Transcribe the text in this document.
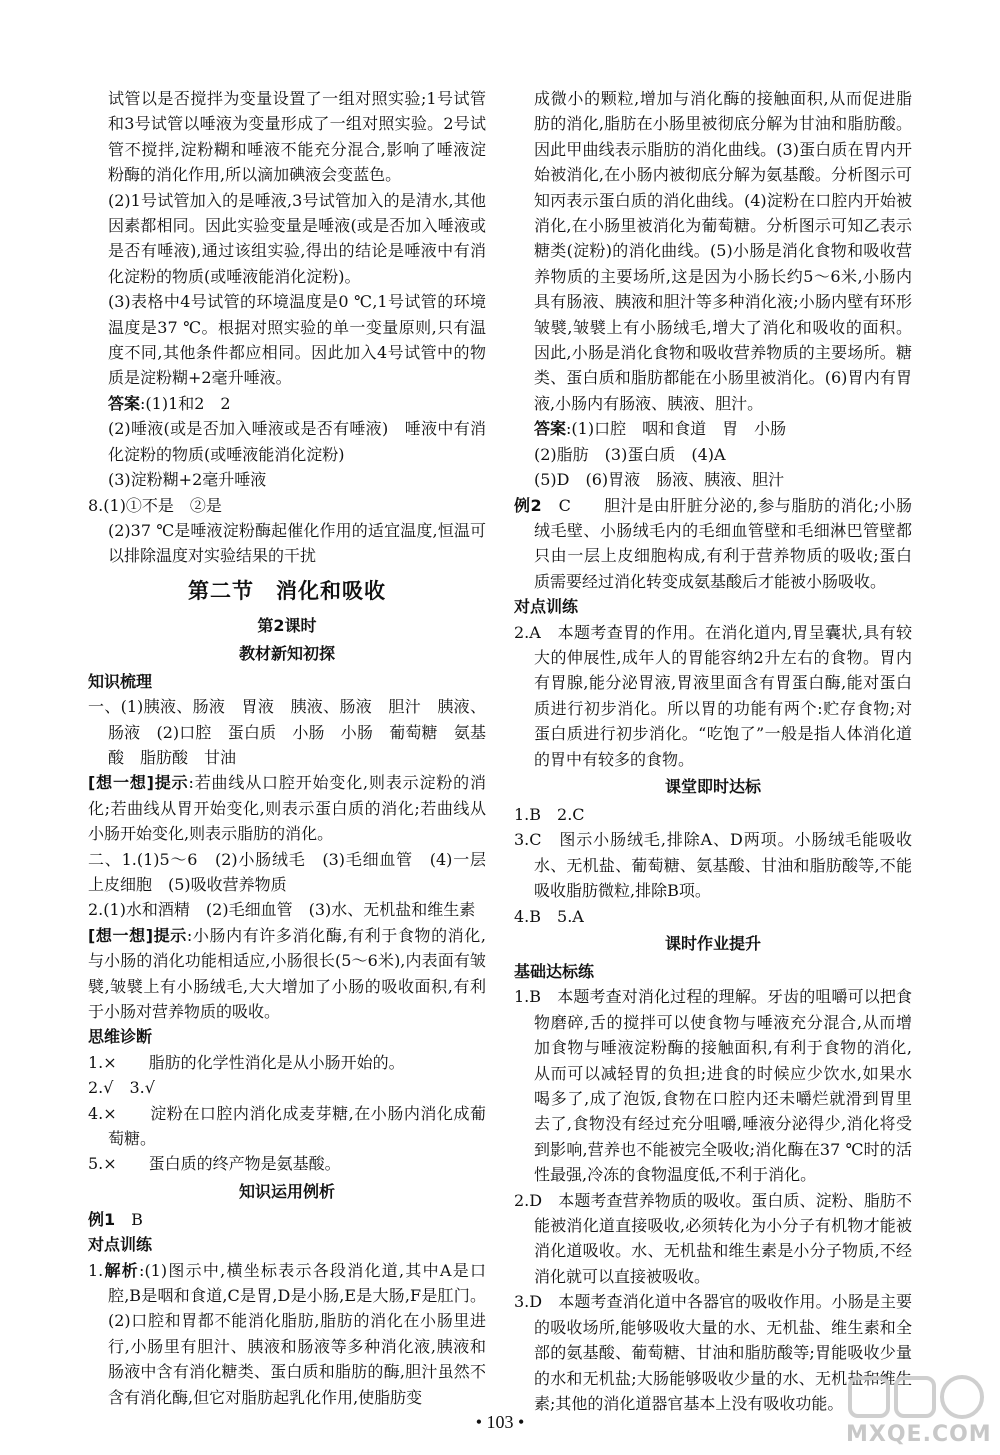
试管以是否搅拌为变量设置了一组对照实验;1号试管和3号试管以唾液为变量形成了一组对照实验。2号试管不搅拌,淀粉糊和唾液不能充分混合,影响了唾液淀粉酶的消化作用,所以滴加碘液会变蓝色。
(2)1号试管加入的是唾液,3号试管加入的是清水,其他因素都相同。因此实验变量是唾液(或是否加入唾液或是否有唾液),通过该组实验,得出的结论是唾液中有消化淀粉的物质(或唾液能消化淀粉)。
(3)表格中4号试管的环境温度是0 ℃,1号试管的环境温度是37 ℃。根据对照实验的单一变量原则,只有温度不同,其他条件都应相同。因此加入4号试管中的物质是淀粉糊+2毫升唾液。
答案:(1)1和2　2
(2)唾液(或是否加入唾液或是否有唾液)　唾液中有消化淀粉的物质(或唾液能消化淀粉)
(3)淀粉糊+2毫升唾液
8.(1)①不是　②是
(2)37 ℃是唾液淀粉酶起催化作用的适宜温度,恒温可以排除温度对实验结果的干扰
第二节　消化和吸收
第2课时
教材新知初探
知识梳理
一、(1)胰液、肠液　胃液　胰液、肠液　胆汁　胰液、肠液　(2)口腔　蛋白质　小肠　小肠　葡萄糖　氨基酸　脂肪酸　甘油
[想一想]提示:若曲线从口腔开始变化,则表示淀粉的消化;若曲线从胃开始变化,则表示蛋白质的消化;若曲线从小肠开始变化,则表示脂肪的消化。
二、1.(1)5～6　(2)小肠绒毛　(3)毛细血管　(4)一层上皮细胞　(5)吸收营养物质
2.(1)水和酒精　(2)毛细血管　(3)水、无机盐和维生素
[想一想]提示:小肠内有许多消化酶,有利于食物的消化,与小肠的消化功能相适应,小肠很长(5～6米),内表面有皱襞,皱襞上有小肠绒毛,大大增加了小肠的吸收面积,有利于小肠对营养物质的吸收。
思维诊断
1.×　　脂肪的化学性消化是从小肠开始的。
2.√　3.√
4.×　　淀粉在口腔内消化成麦芽糖,在小肠内消化成葡萄糖。
5.×　　蛋白质的终产物是氨基酸。
知识运用例析
例1　B
对点训练
1.解析:(1)图示中,横坐标表示各段消化道,其中A是口腔,B是咽和食道,C是胃,D是小肠,E是大肠,F是肛门。(2)口腔和胃都不能消化脂肪,脂肪的消化在小肠里进行,小肠里有胆汁、胰液和肠液等多种消化液,胰液和肠液中含有消化糖类、蛋白质和脂肪的酶,胆汁虽然不含有消化酶,但它对脂肪起乳化作用,使脂肪变
成微小的颗粒,增加与消化酶的接触面积,从而促进脂肪的消化,脂肪在小肠里被彻底分解为甘油和脂肪酸。因此甲曲线表示脂肪的消化曲线。(3)蛋白质在胃内开始被消化,在小肠内被彻底分解为氨基酸。分析图示可知丙表示蛋白质的消化曲线。(4)淀粉在口腔内开始被消化,在小肠里被消化为葡萄糖。分析图示可知乙表示糖类(淀粉)的消化曲线。(5)小肠是消化食物和吸收营养物质的主要场所,这是因为小肠长约5～6米,小肠内具有肠液、胰液和胆汁等多种消化液;小肠内壁有环形皱襞,皱襞上有小肠绒毛,增大了消化和吸收的面积。因此,小肠是消化食物和吸收营养物质的主要场所。糖类、蛋白质和脂肪都能在小肠里被消化。(6)胃内有胃液,小肠内有肠液、胰液、胆汁。
答案:(1)口腔　咽和食道　胃　小肠
(2)脂肪　(3)蛋白质　(4)A
(5)D　(6)胃液　肠液、胰液、胆汁
例2　C　　胆汁是由肝脏分泌的,参与脂肪的消化;小肠绒毛壁、小肠绒毛内的毛细血管壁和毛细淋巴管壁都只由一层上皮细胞构成,有利于营养物质的吸收;蛋白质需要经过消化转变成氨基酸后才能被小肠吸收。
对点训练
2.A　本题考查胃的作用。在消化道内,胃呈囊状,具有较大的伸展性,成年人的胃能容纳2升左右的食物。胃内有胃腺,能分泌胃液,胃液里面含有胃蛋白酶,能对蛋白质进行初步消化。所以胃的功能有两个:贮存食物;对蛋白质进行初步消化。“吃饱了”一般是指人体消化道的胃中有较多的食物。
课堂即时达标
1.B　2.C
3.C　图示小肠绒毛,排除A、D两项。小肠绒毛能吸收水、无机盐、葡萄糖、氨基酸、甘油和脂肪酸等,不能吸收脂肪微粒,排除B项。
4.B　5.A
课时作业提升
基础达标练
1.B　本题考查对消化过程的理解。牙齿的咀嚼可以把食物磨碎,舌的搅拌可以使食物与唾液充分混合,从而增加食物与唾液淀粉酶的接触面积,有利于食物的消化,从而可以减轻胃的负担;进食的时候应少饮水,如果水喝多了,成了泡饭,食物在口腔内还未嚼烂就滑到胃里去了,食物没有经过充分咀嚼,唾液分泌得少,消化将受到影响,营养也不能被完全吸收;消化酶在37 ℃时的活性最强,冷冻的食物温度低,不利于消化。
2.D　本题考查营养物质的吸收。蛋白质、淀粉、脂肪不能被消化道直接吸收,必须转化为小分子有机物才能被消化道吸收。水、无机盐和维生素是小分子物质,不经消化就可以直接被吸收。
3.D　本题考查消化道中各器官的吸收作用。小肠是主要的吸收场所,能够吸收大量的水、无机盐、维生素和全部的氨基酸、葡萄糖、甘油和脂肪酸等;胃能吸收少量的水和无机盐;大肠能够吸收少量的水、无机盐和维生素;其他的消化道器官基本上没有吸收功能。
• 103 •	MXQE.COM
